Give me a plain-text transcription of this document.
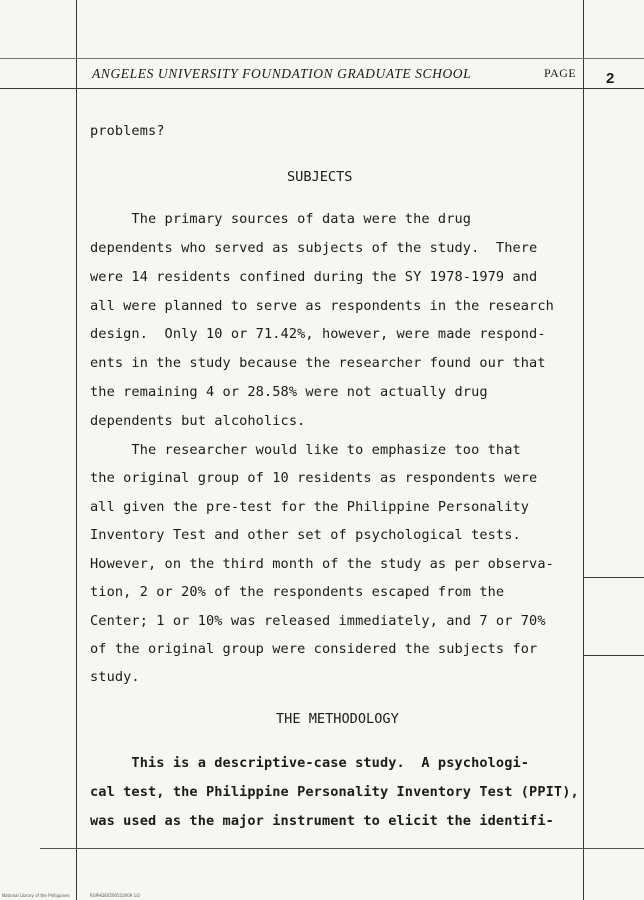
ANGELES UNIVERSITY FOUNDATION GRADUATE SCHOOL	PAGE 2
problems?
SUBJECTS
The primary sources of data were the drug
dependents who served as subjects of the study.  There
were 14 residents confined during the SY 1978-1979 and
all were planned to serve as respondents in the research
design.  Only 10 or 71.42%, however, were made respond-
ents in the study because the researcher found our that
the remaining 4 or 28.58% were not actually drug
dependents but alcoholics.
The researcher would like to emphasize too that
the original group of 10 residents as respondents were
all given the pre-test for the Philippine Personality
Inventory Test and other set of psychological tests.
However, on the third month of the study as per observa-
tion, 2 or 20% of the respondents escaped from the
Center; 1 or 10% was released immediately, and 7 or 70%
of the original group were considered the subjects for
study.
THE METHODOLOGY
This is a descriptive-case study.  A psychologi-
cal test, the Philippine Personality Inventory Test (PPIT),
was used as the major instrument to elicit the identifi-
National Library of the Philippines	RGPHDE0500510009 1/2
